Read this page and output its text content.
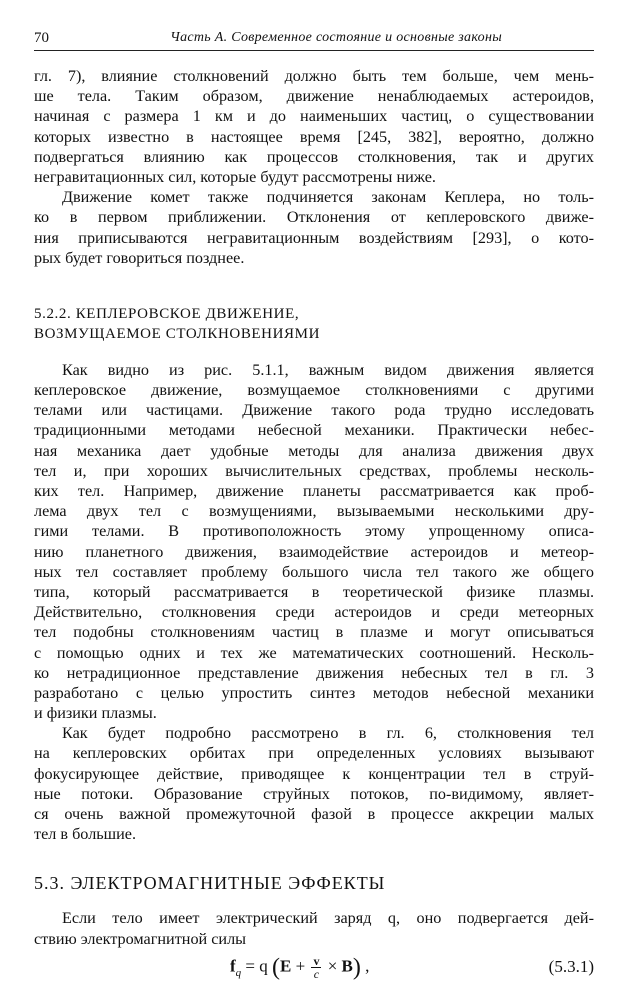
70	Часть А. Современное состояние и основные законы

гл. 7), влияние столкновений должно быть тем больше, чем мень-
ше тела. Таким образом, движение ненаблюдаемых астероидов,
начиная с размера 1 км и до наименьших частиц, о существовании
которых известно в настоящее время [245, 382], вероятно, должно
подвергаться влиянию как процессов столкновения, так и других
негравитационных сил, которые будут рассмотрены ниже.

Движение комет также подчиняется законам Кеплера, но толь-
ко в первом приближении. Отклонения от кеплеровского движе-
ния приписываются негравитационным воздействиям [293], о кото-
рых будет говориться позднее.

5.2.2. КЕПЛЕРОВСКОЕ ДВИЖЕНИЕ,

ВОЗМУЩАЕМОЕ СТОЛКНОВЕНИЯМИ

Как видно из рис. 5.1.1, важным видом движения является
кеплеровское движение, возмущаемое столкновениями с другими
телами или частицами. Движение такого рода трудно исследовать
традиционными методами небесной механики. Практически небес-
ная механика дает удобные методы для анализа движения двух
тел и, при хороших вычислительных средствах, проблемы несколь-
ких тел. Например, движение планеты рассматривается как проб-
лема двух тел с возмущениями, вызываемыми несколькими дру-
гими телами. В противоположность этому упрощенному описа-
нию планетного движения, взаимодействие астероидов и метеор-
ных тел составляет проблему большого числа тел такого же общего
типа, который рассматривается в теоретической физике плазмы.
Действительно, столкновения среди астероидов и среди метеорных
тел подобны столкновениям частиц в плазме и могут описываться
с помощью одних и тех же математических соотношений. Несколь-
ко нетрадиционное представление движения небесных тел в гл. 3
разработано с целью упростить синтез методов небесной механики
и физики плазмы.

Как будет подробно рассмотрено в гл. 6, столкновения тел
на кеплеровских орбитах при определенных условиях вызывают
фокусирующее действие, приводящее к концентрации тел в струй-
ные потоки. Образование струйных потоков, по-видимому, являет-
ся очень важной промежуточной фазой в процессе аккреции малых
тел в большие.

5.3. ЭЛЕКТРОМАГНИТНЫЕ ЭФФЕКТЫ

Если тело имеет электрический заряд q, оно подвергается дей-
ствию электромагнитной силы

$f_q = q$ $(E + \frac{v}{c} \times B)$ ,	(5.3.1)
